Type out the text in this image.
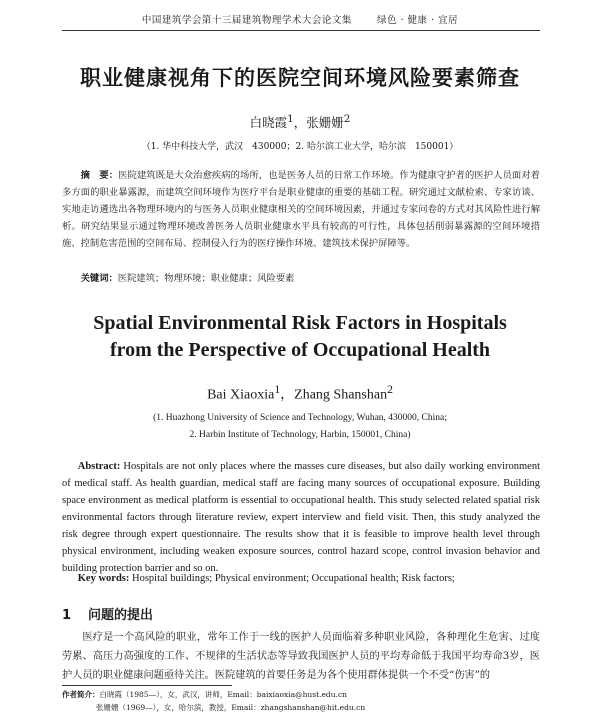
中国建筑学会第十三届建筑物理学术大会论文集	绿色 · 健康 · 宜居
职业健康视角下的医院空间环境风险要素筛查
白晓霞$^1$，张姗姗$^2$
（1. 华中科技大学，武汉　430000；2. 哈尔滨工业大学，哈尔滨　150001）
摘　要：医院建筑既是大众治愈疾病的场所，也是医务人员的日常工作环境。作为健康守护者的医护人员面对着多方面的职业暴露源，而建筑空间环境作为医疗平台是职业健康的重要的基础工程。研究通过文献检索、专家访谈、实地走访遴选出各物理环境内的与医务人员职业健康相关的空间环境因素，并通过专家问卷的方式对其风险性进行解析。研究结果显示通过物理环境改善医务人员职业健康水平具有较高的可行性，具体包括削弱暴露源的空间环境措施、控制危害范围的空间布局、控制侵入行为的医疗操作环境、建筑技术保护屏障等。
关键词：医院建筑；物理环境；职业健康；风险要素
Spatial Environmental Risk Factors in Hospitals
from the Perspective of Occupational Health
Bai Xiaoxia$^1$，Zhang Shanshan$^2$
(1. Huazhong University of Science and Technology, Wuhan, 430000, China;
2. Harbin Institute of Technology, Harbin, 150001, China)
Abstract: Hospitals are not only places where the masses cure diseases, but also daily working environment of medical staff. As health guardian, medical staff are facing many sources of occupational exposure. Building space environment as medical platform is essential to occupational health. This study selected related spatial risk environmental factors through literature review, expert interview and field visit. Then, this study analyzed the risk degree through expert questionnaire. The results show that it is feasible to improve health level through physical environment, including weaken exposure sources, control hazard scope, control invasion behavior and building protection barrier and so on.
Key words: Hospital buildings; Physical environment; Occupational health; Risk factors;
1 问题的提出
医疗是一个高风险的职业，常年工作于一线的医护人员面临着多种职业风险，各种理化生危害、过度劳累、高压力高强度的工作、不规律的生活状态等导致我国医护人员的平均寿命低于我国平均寿命3岁，医护人员的职业健康问题亟待关注。医院建筑的首要任务是为各个使用群体提供一个不受“伤害”的
作者简介：白晓霞（1985—），女，武汉，讲师，Email：baixiaoxia@hust.edu.cn
张姗姗（1969—），女，哈尔滨，教授，Email：zhangshanshan@hit.edu.cn
